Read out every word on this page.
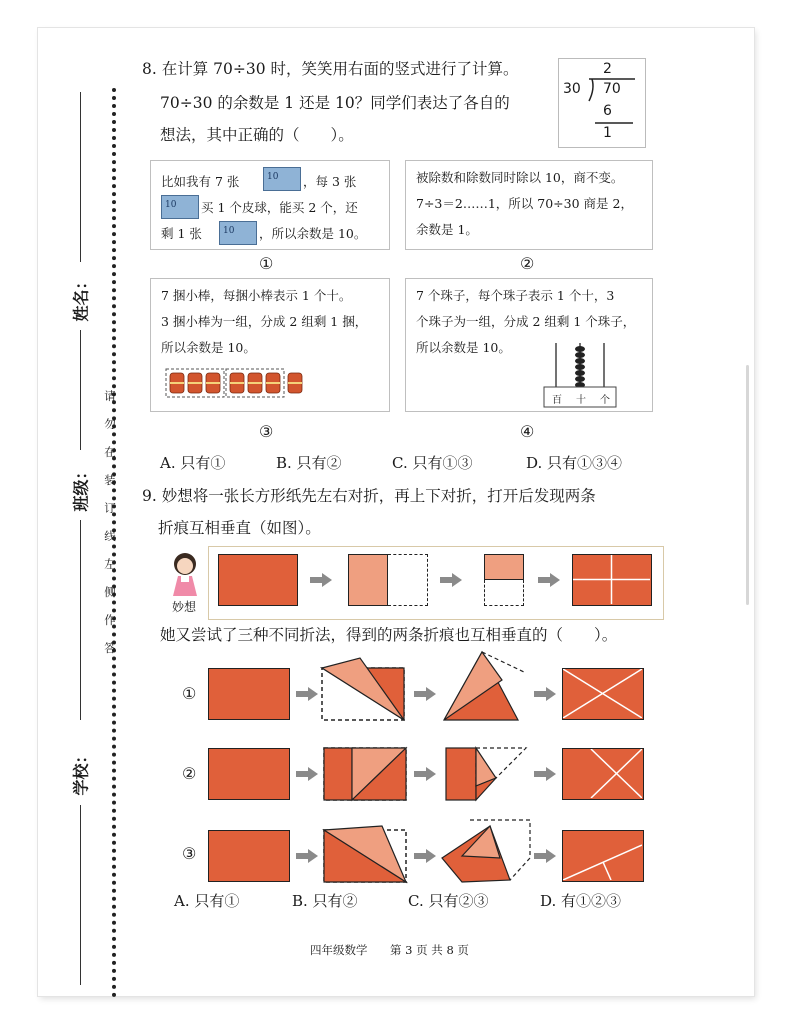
姓名：
班级：
学校：
请
勿
在
装
订
线
左
侧
作
答
8. 在计算 70÷30 时，笑笑用右面的竖式进行了计算。
70÷30 的余数是 1 还是 10？同学们表达了各自的
想法，其中正确的（　　）。
2
30 70
6
1

比如我有 7 张	10 ，每 3 张

10 买 1 个皮球，能买 2 个，还

剩 1 张 10 ，所以余数是 10。

①

被除数和除数同时除以 10，商不变。

7÷3＝2……1，所以 70÷30 商是 2，

余数是 1。

②

7 捆小棒，每捆小棒表示 1 个十。

3 捆小棒为一组，分成 2 组剩 1 捆，

所以余数是 10。

③

7 个珠子，每个珠子表示 1 个十，3

个珠子为一组，分成 2 组剩 1 个珠子，

所以余数是 10。

百 十 个
④
A. 只有①	B. 只有②	C. 只有①③	D. 只有①③④
9. 妙想将一张长方形纸先左右对折，再上下对折，打开后发现两条
折痕互相垂直（如图）。
妙想
她又尝试了三种不同折法，得到的两条折痕也互相垂直的（　　）。
①
②
③
A. 只有①	B. 只有②	C. 只有②③	D. 有①②③
四年级数学 第 3 页 共 8 页
